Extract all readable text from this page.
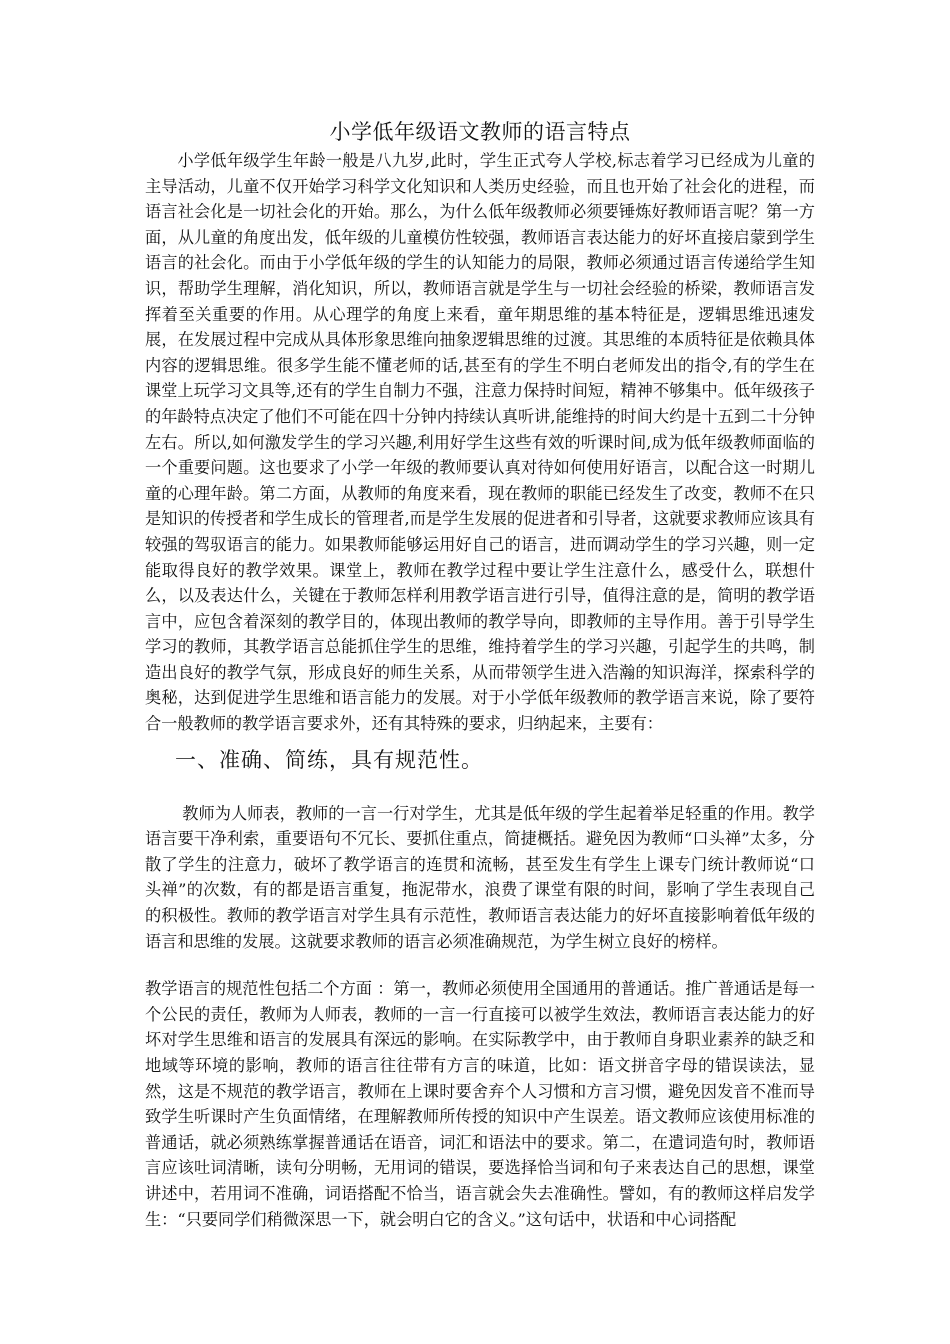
小学低年级语文教师的语言特点

小学低年级学生年龄一般是八九岁,此时，学生正式夸人学校,标志着学习已经成为儿童的主导活动，儿童不仅开始学习科学文化知识和人类历史经验，而且也开始了社会化的进程，而语言社会化是一切社会化的开始。那么，为什么低年级教师必须要锤炼好教师语言呢？第一方面，从儿童的角度出发，低年级的儿童模仿性较强，教师语言表达能力的好坏直接启蒙到学生语言的社会化。而由于小学低年级的学生的认知能力的局限，教师必须通过语言传递给学生知识，帮助学生理解，消化知识，所以，教师语言就是学生与一切社会经验的桥梁，教师语言发挥着至关重要的作用。从心理学的角度上来看，童年期思维的基本特征是，逻辑思维迅速发展，在发展过程中完成从具体形象思维向抽象逻辑思维的过渡。其思维的本质特征是依赖具体内容的逻辑思维。很多学生能不懂老师的话,甚至有的学生不明白老师发出的指令,有的学生在课堂上玩学习文具等,还有的学生自制力不强，注意力保持时间短，精神不够集中。低年级孩子的年龄特点决定了他们不可能在四十分钟内持续认真听讲,能维持的时间大约是十五到二十分钟左右。所以,如何激发学生的学习兴趣,利用好学生这些有效的听课时间,成为低年级教师面临的一个重要问题。这也要求了小学一年级的教师要认真对待如何使用好语言，以配合这一时期儿童的心理年龄。第二方面，从教师的角度来看，现在教师的职能已经发生了改变，教师不在只是知识的传授者和学生成长的管理者,而是学生发展的促进者和引导者，这就要求教师应该具有较强的驾驭语言的能力。如果教师能够运用好自己的语言，进而调动学生的学习兴趣，则一定能取得良好的教学效果。课堂上，教师在教学过程中要让学生注意什么，感受什么，联想什么，以及表达什么，关键在于教师怎样利用教学语言进行引导，值得注意的是，简明的教学语言中，应包含着深刻的教学目的，体现出教师的教学导向，即教师的主导作用。善于引导学生学习的教师，其教学语言总能抓住学生的思维，维持着学生的学习兴趣，引起学生的共鸣，制造出良好的教学气氛，形成良好的师生关系，从而带领学生进入浩瀚的知识海洋，探索科学的奥秘，达到促进学生思维和语言能力的发展。对于小学低年级教师的教学语言来说，除了要符合一般教师的教学语言要求外，还有其特殊的要求，归纳起来，主要有：

一、准确、简练，具有规范性。

教师为人师表，教师的一言一行对学生，尤其是低年级的学生起着举足轻重的作用。教学语言要干净利索，重要语句不冗长、要抓住重点，简捷概括。避免因为教师“口头禅”太多，分散了学生的注意力，破坏了教学语言的连贯和流畅，甚至发生有学生上课专门统计教师说“口头禅”的次数，有的都是语言重复，拖泥带水，浪费了课堂有限的时间，影响了学生表现自己的积极性。教师的教学语言对学生具有示范性，教师语言表达能力的好坏直接影响着低年级的语言和思维的发展。这就要求教师的语言必须准确规范，为学生树立良好的榜样。

教学语言的规范性包括二个方面 ：第一，教师必须使用全国通用的普通话。推广普通话是每一个公民的责任，教师为人师表，教师的一言一行直接可以被学生效法，教师语言表达能力的好坏对学生思维和语言的发展具有深远的影响。在实际教学中，由于教师自身职业素养的缺乏和地域等环境的影响，教师的语言往往带有方言的味道，比如：语文拼音字母的错误读法，显然，这是不规范的教学语言，教师在上课时要舍弃个人习惯和方言习惯，避免因发音不准而导致学生听课时产生负面情绪，在理解教师所传授的知识中产生误差。语文教师应该使用标准的普通话，就必须熟练掌握普通话在语音，词汇和语法中的要求。第二，在遣词造句时，教师语言应该吐词清晰，读句分明畅，无用词的错误，要选择恰当词和句子来表达自己的思想，课堂讲述中，若用词不准确，词语搭配不恰当，语言就会失去准确性。譬如，有的教师这样启发学生：“只要同学们稍微深思一下，就会明白它的含义。”这句话中，状语和中心词搭配
